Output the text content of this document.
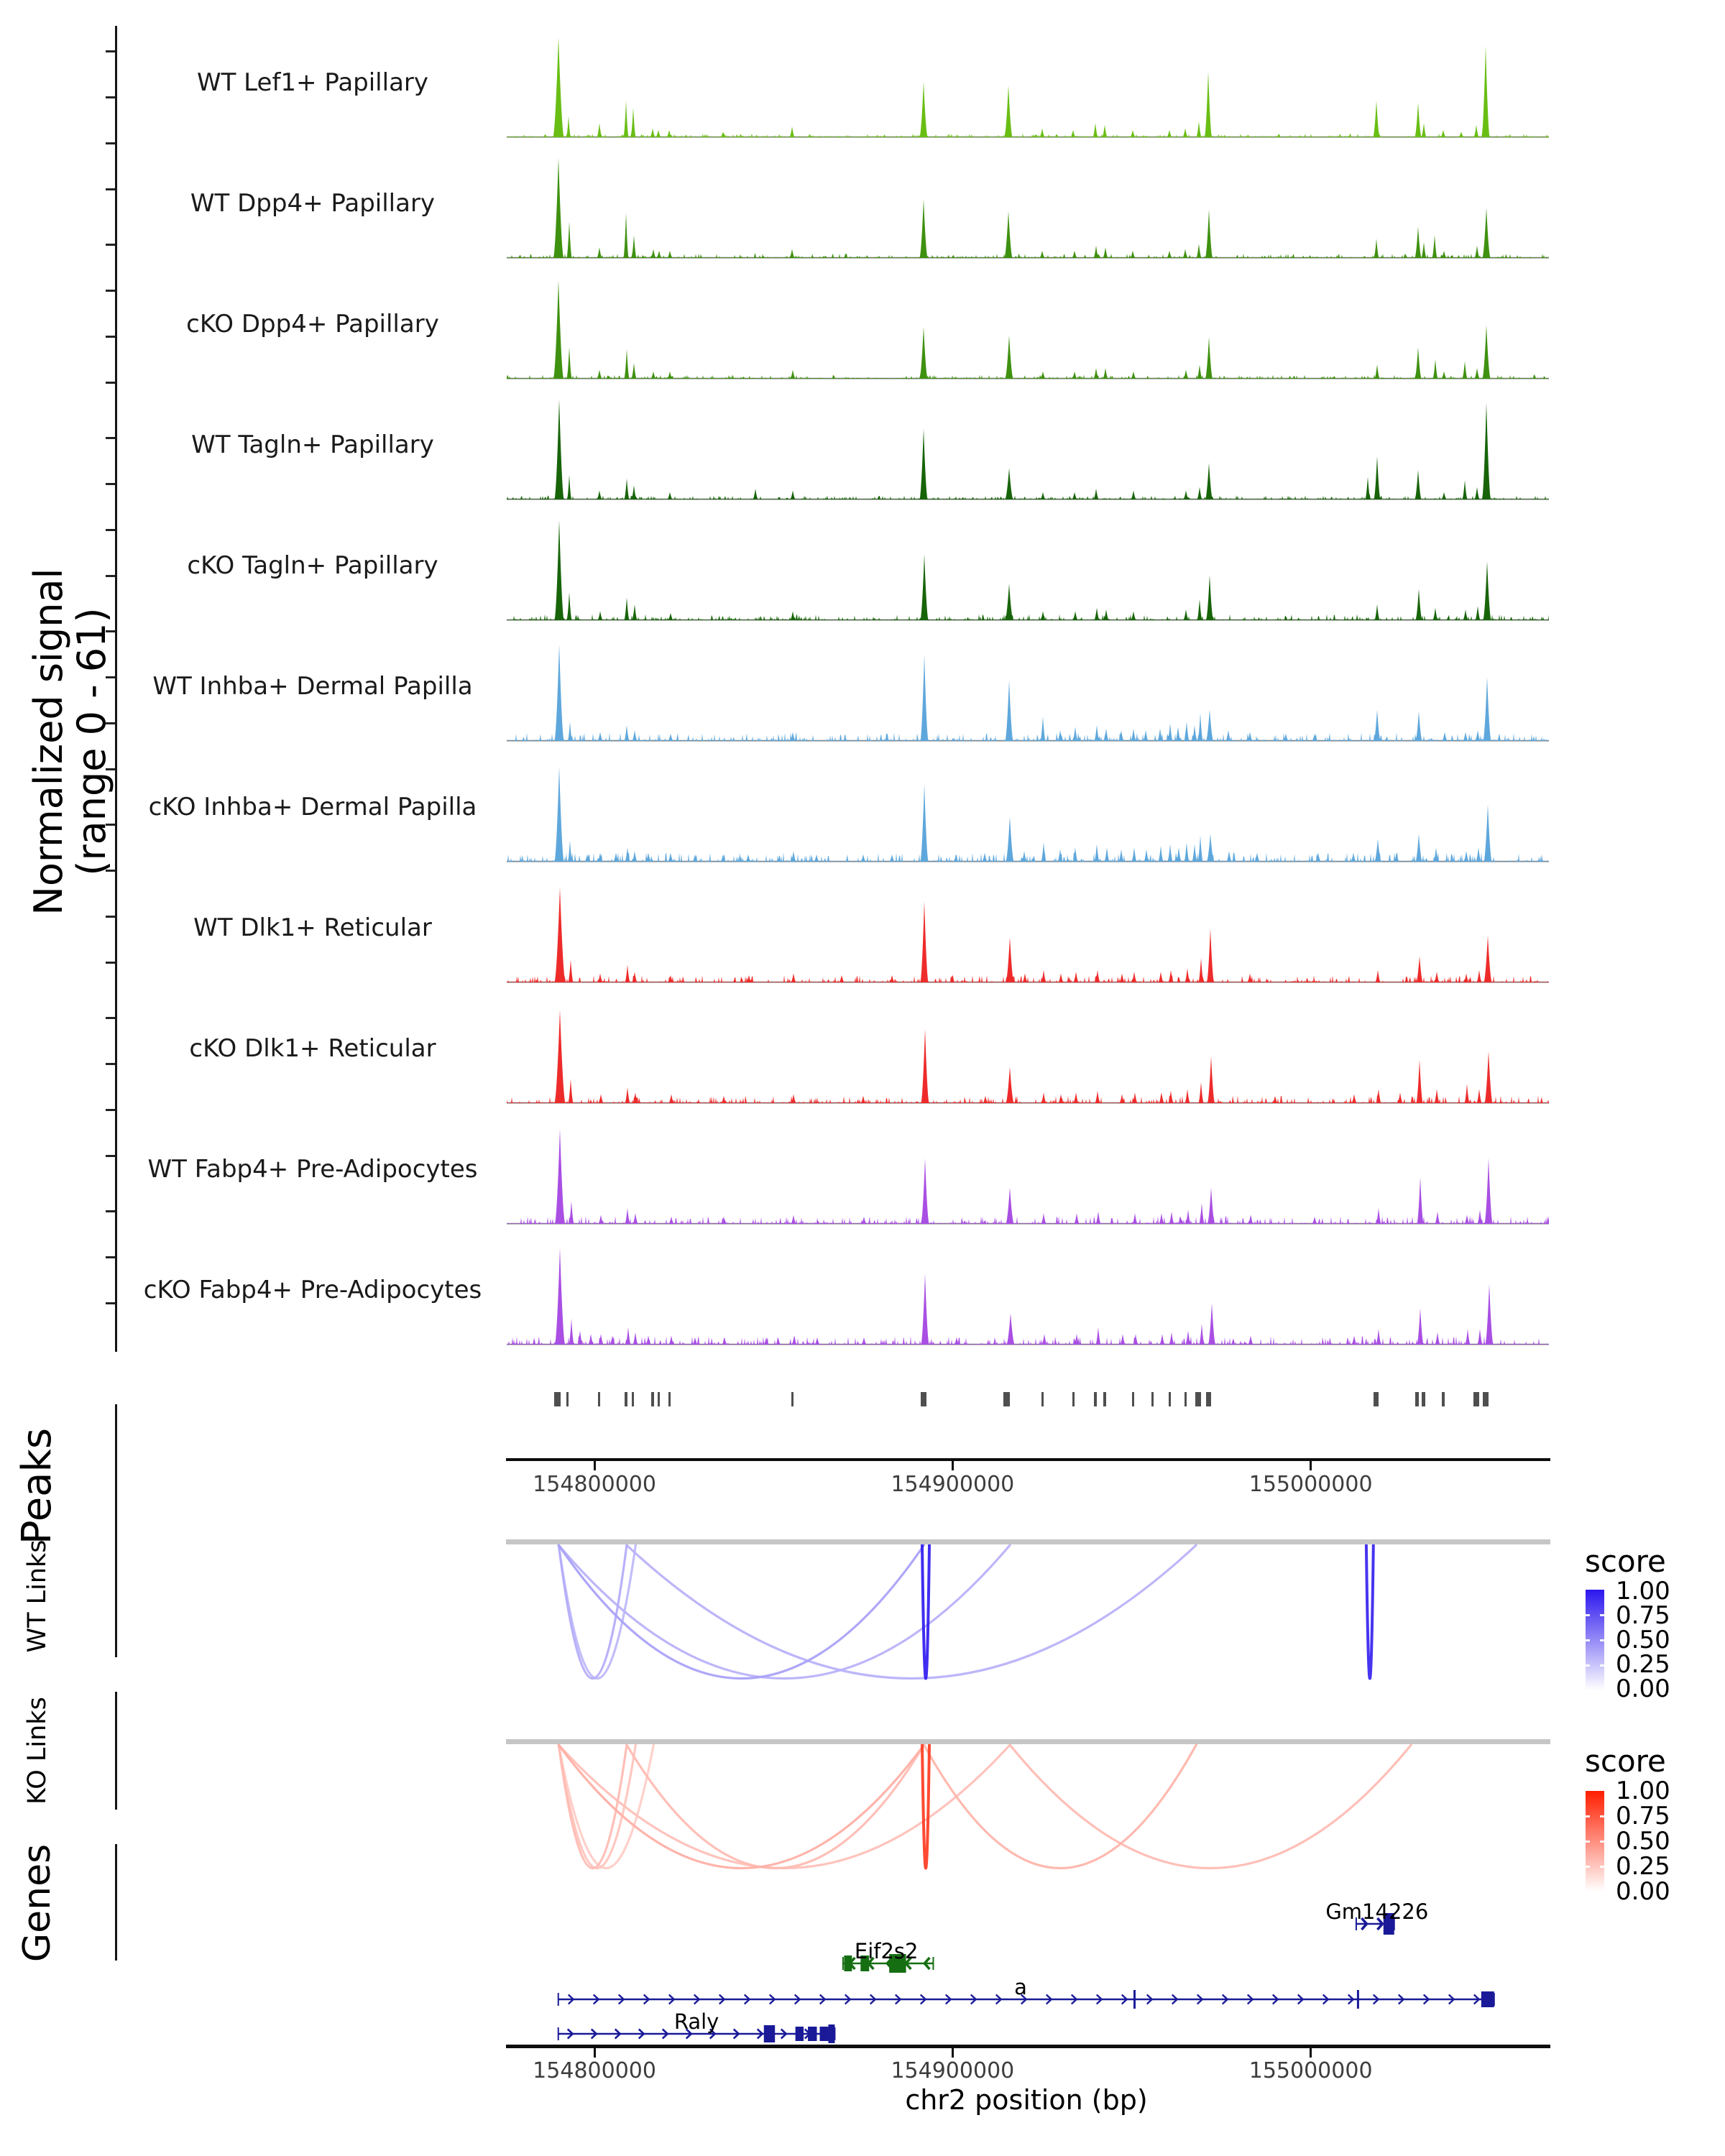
Normalized signal
(range 0 - 61)
WT Lef1+ Papillary
WT Dpp4+ Papillary
cKO Dpp4+ Papillary
WT Tagln+ Papillary
cKO Tagln+ Papillary
WT Inhba+ Dermal Papilla
cKO Inhba+ Dermal Papilla
WT Dlk1+ Reticular
cKO Dlk1+ Reticular
WT Fabp4+ Pre-Adipocytes
cKO Fabp4+ Pre-Adipocytes
Peaks	154800000	154900000	155000000
WT Links	score
1.00
0.75
0.50
0.25
0.00
KO Links	score
1.00
0.75
0.50
0.25
0.00
Genes	Gm14226
Eif2s2
a
Raly
154800000	154900000	155000000
chr2 position (bp)
